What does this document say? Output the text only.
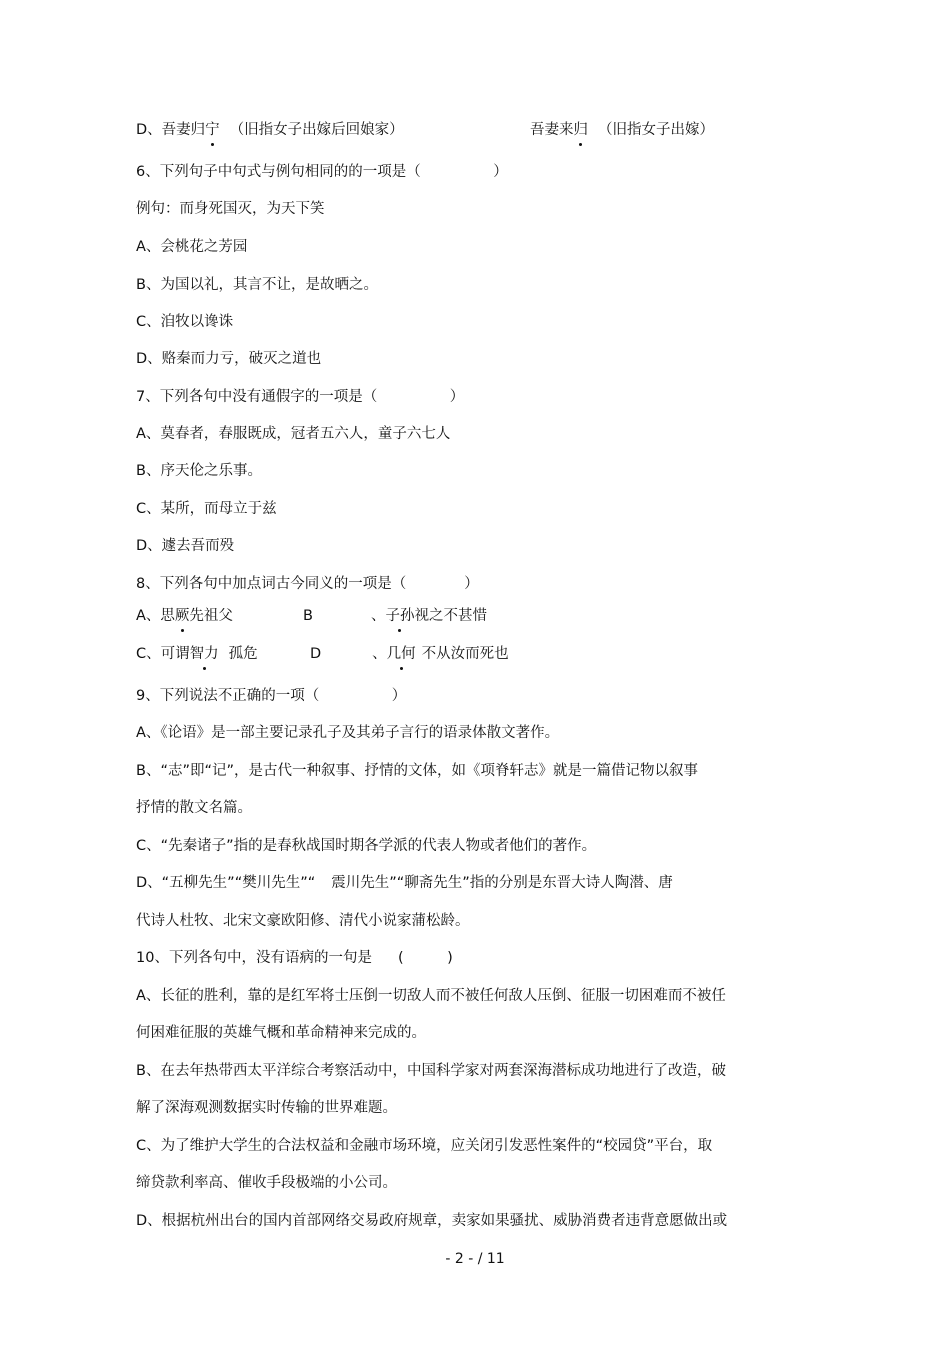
D、吾妻归宁 （旧指女子出嫁后回娘家）	吾妻来归 （旧指女子出嫁）
6、下列句子中句式与例句相同的的一项是（　　　　　）
例句：而身死国灭，为天下笑
A、会桃花之芳园
B、为国以礼，其言不让，是故晒之。
C、洎牧以谗诛
D、赂秦而力亏，破灭之道也
7、下列各句中没有通假字的一项是（　　　　　）
A、莫春者，春服既成，冠者五六人，童子六七人
B、序天伦之乐事。
C、某所，而母立于兹
D、遽去吾而殁
8、下列各句中加点词古今同义的一项是（　　　　）
A、思厥先祖父	B	、子孙视之不甚惜
C、可谓智力 孤危	D	、几何 不从汝而死也
9、下列说法不正确的一项（　　　　　）
A、《论语》是一部主要记录孔子及其弟子言行的语录体散文著作。
B、“志”即“记”，是古代一种叙事、抒情的文体，如《项脊轩志》就是一篇借记物以叙事
抒情的散文名篇。
C、“先秦诸子”指的是春秋战国时期各学派的代表人物或者他们的著作。
D、“五柳先生”“樊川先生”“ 震川先生”“聊斋先生”指的分别是东晋大诗人陶潜、唐
代诗人杜牧、北宋文豪欧阳修、清代小说家蒲松龄。
10、下列各句中，没有语病的一句是 (　　　)
A、长征的胜利，靠的是红军将士压倒一切敌人而不被任何敌人压倒、征服一切困难而不被任
何困难征服的英雄气概和革命精神来完成的。
B、在去年热带西太平洋综合考察活动中，中国科学家对两套深海潜标成功地进行了改造，破
解了深海观测数据实时传输的世界难题。
C、为了维护大学生的合法权益和金融市场环境，应关闭引发恶性案件的“校园贷”平台，取
缔贷款利率高、催收手段极端的小公司。
D、根据杭州出台的国内首部网络交易政府规章，卖家如果骚扰、威胁消费者违背意愿做出或
- 2 - / 11
